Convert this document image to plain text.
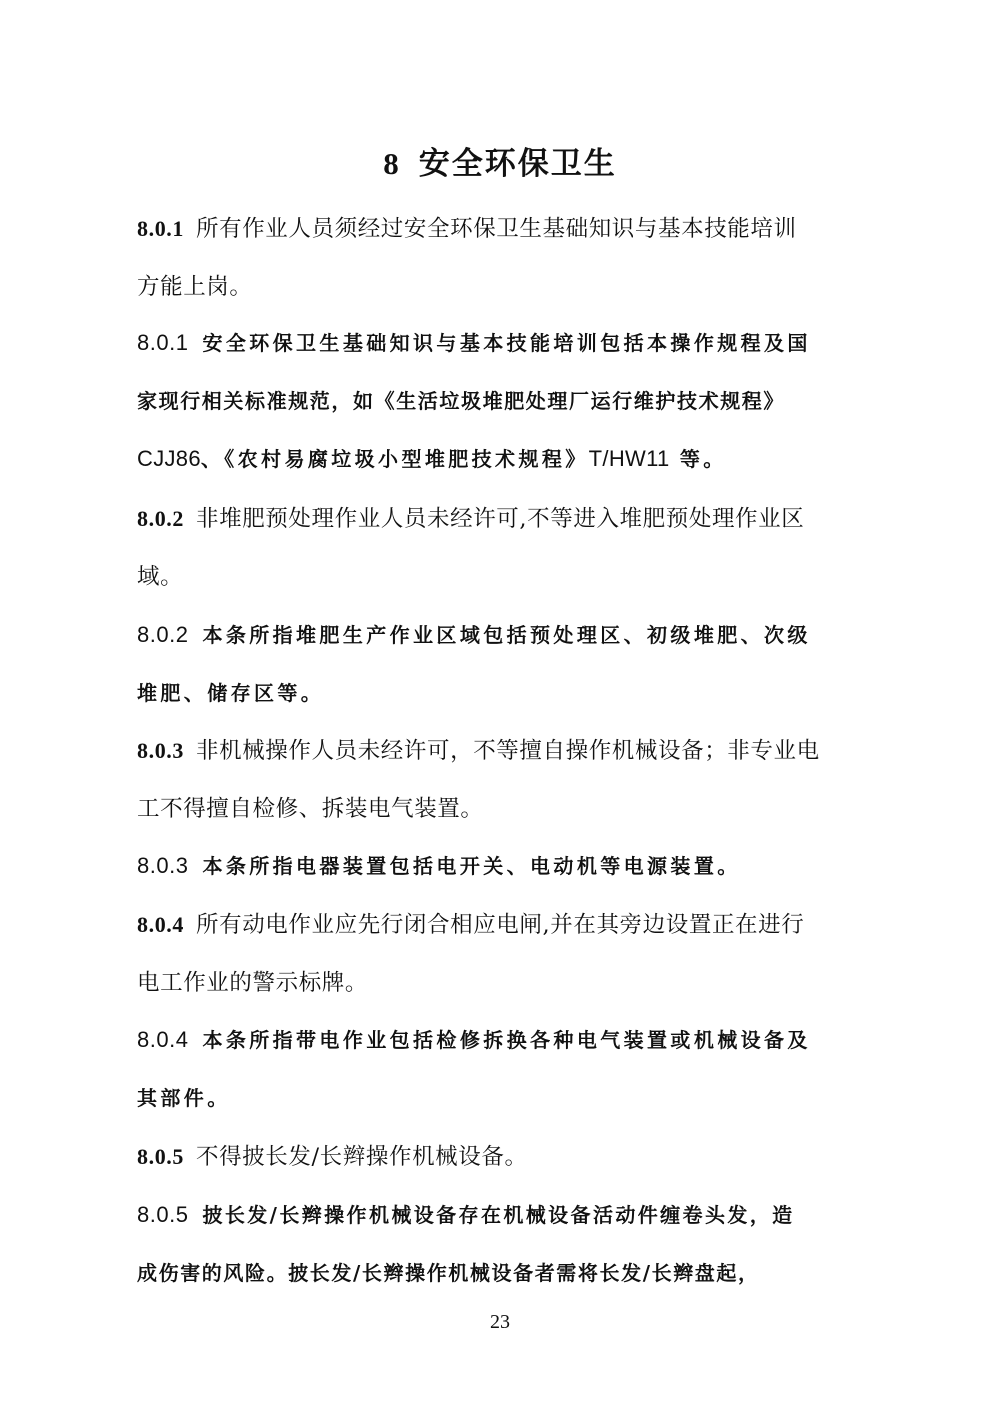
8 安全环保卫生
8.0.1 所有作业人员须经过安全环保卫生基础知识与基本技能培训
方能上岗。
8.0.1 安全环保卫生基础知识与基本技能培训包括本操作规程及国
家现行相关标准规范，如《生活垃圾堆肥处理厂运行维护技术规程》
CJJ86、《农村易腐垃圾小型堆肥技术规程》T/HW11 等。
8.0.2 非堆肥预处理作业人员未经许可,不等进入堆肥预处理作业区
域。
8.0.2 本条所指堆肥生产作业区域包括预处理区、初级堆肥、次级
堆肥、储存区等。
8.0.3 非机械操作人员未经许可，不等擅自操作机械设备；非专业电
工不得擅自检修、拆装电气装置。
8.0.3 本条所指电器装置包括电开关、电动机等电源装置。
8.0.4 所有动电作业应先行闭合相应电闸,并在其旁边设置正在进行
电工作业的警示标牌。
8.0.4 本条所指带电作业包括检修拆换各种电气装置或机械设备及
其部件。
8.0.5 不得披长发/长辫操作机械设备。
8.0.5 披长发/长辫操作机械设备存在机械设备活动件缠卷头发，造
成伤害的风险。披长发/长辫操作机械设备者需将长发/长辫盘起，
23
